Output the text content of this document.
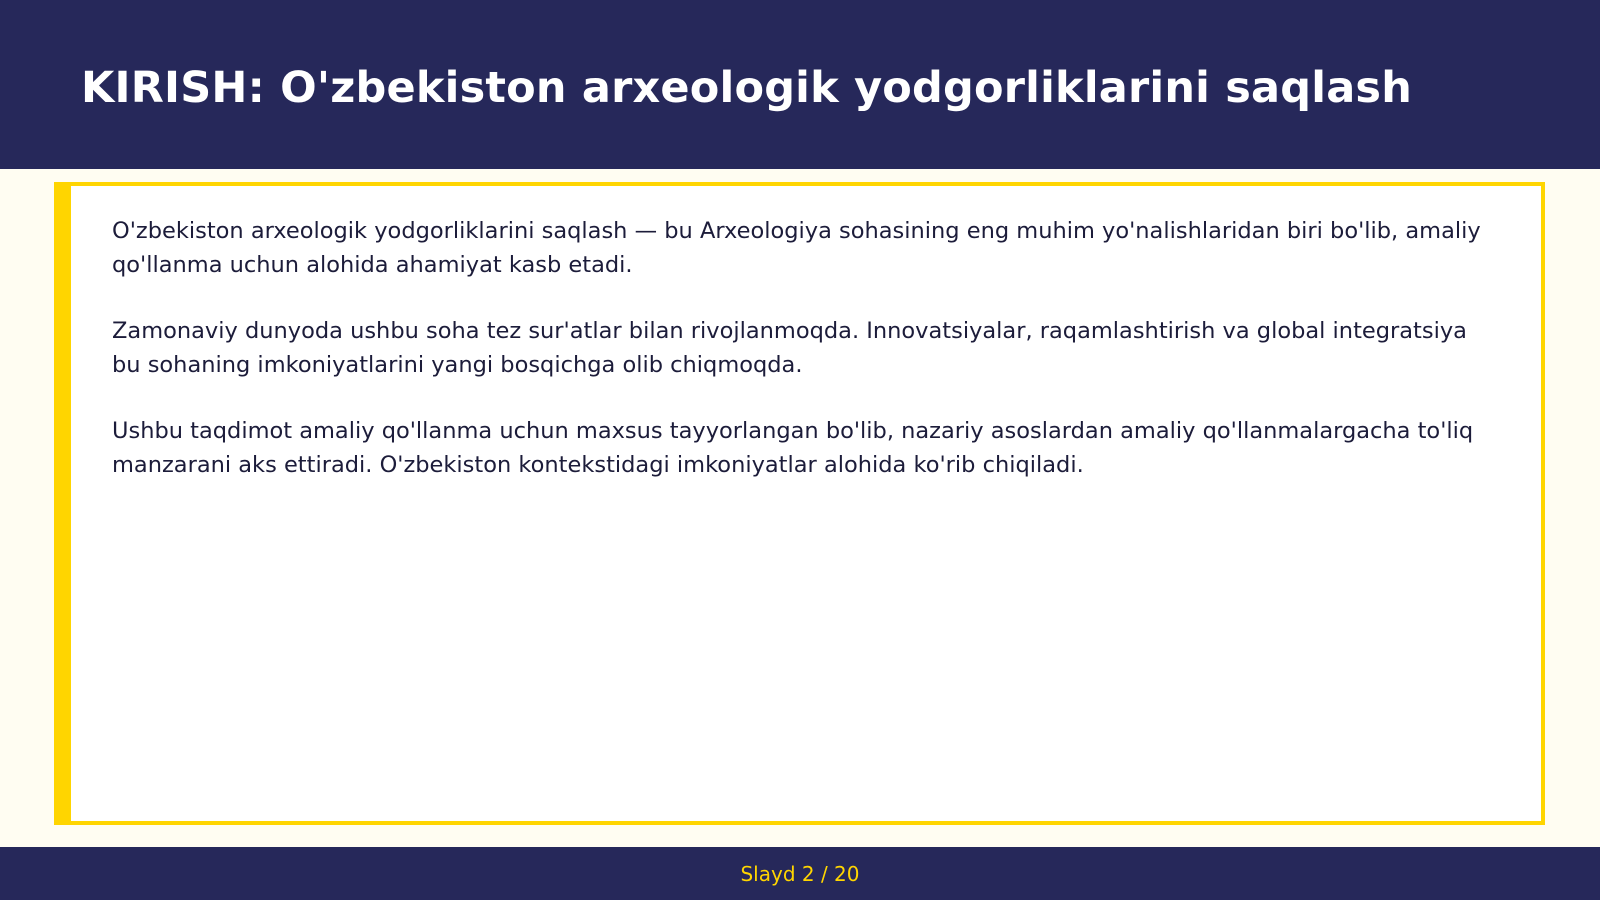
KIRISH: O'zbekiston arxeologik yodgorliklarini saqlash

O'zbekiston arxeologik yodgorliklarini saqlash — bu Arxeologiya sohasining eng muhim yo'nalishlaridan biri bo'lib, amaliy qo'llanma uchun alohida ahamiyat kasb etadi.

Zamonaviy dunyoda ushbu soha tez sur'atlar bilan rivojlanmoqda. Innovatsiyalar, raqamlashtirish va global integratsiya bu sohaning imkoniyatlarini yangi bosqichga olib chiqmoqda.

Ushbu taqdimot amaliy qo'llanma uchun maxsus tayyorlangan bo'lib, nazariy asoslardan amaliy qo'llanmalargacha to'liq manzarani aks ettiradi. O'zbekiston kontekstidagi imkoniyatlar alohida ko'rib chiqiladi.

Slayd 2 / 20
